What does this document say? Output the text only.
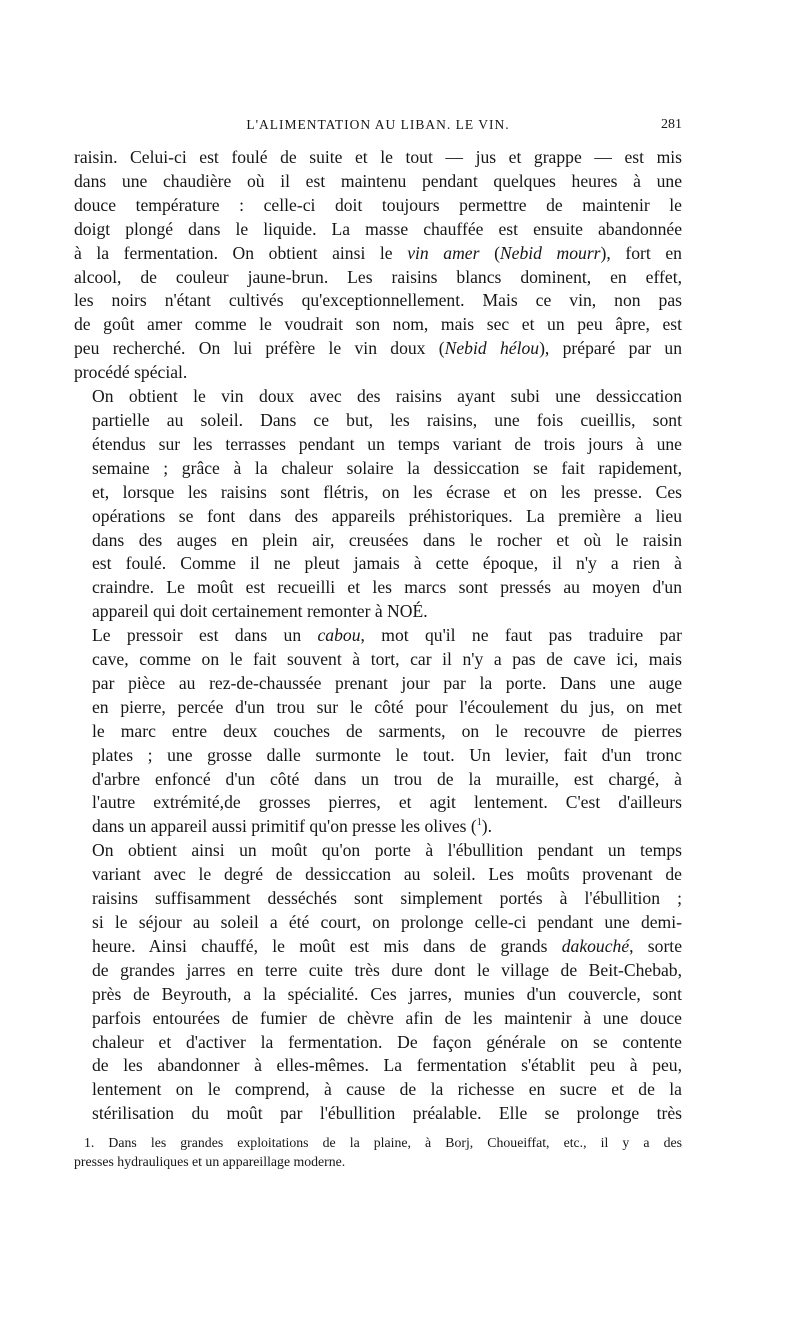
L'ALIMENTATION AU LIBAN. LE VIN.	281

raisin. Celui-ci est foulé de suite et le tout — jus et grappe — est mis
dans une chaudière où il est maintenu pendant quelques heures à une
douce température : celle-ci doit toujours permettre de maintenir le
doigt plongé dans le liquide. La masse chauffée est ensuite abandonnée
à la fermentation. On obtient ainsi le vin amer (Nebid mourr), fort en
alcool, de couleur jaune-brun. Les raisins blancs dominent, en effet,
les noirs n'étant cultivés qu'exceptionnellement. Mais ce vin, non pas
de goût amer comme le voudrait son nom, mais sec et un peu âpre, est
peu recherché. On lui préfère le vin doux (Nebid hélou), préparé par un
procédé spécial.

On obtient le vin doux avec des raisins ayant subi une dessiccation
partielle au soleil. Dans ce but, les raisins, une fois cueillis, sont
étendus sur les terrasses pendant un temps variant de trois jours à une
semaine ; grâce à la chaleur solaire la dessiccation se fait rapidement,
et, lorsque les raisins sont flétris, on les écrase et on les presse. Ces
opérations se font dans des appareils préhistoriques. La première a lieu
dans des auges en plein air, creusées dans le rocher et où le raisin
est foulé. Comme il ne pleut jamais à cette époque, il n'y a rien à
craindre. Le moût est recueilli et les marcs sont pressés au moyen d'un
appareil qui doit certainement remonter à NOÉ.

Le pressoir est dans un cabou, mot qu'il ne faut pas traduire par
cave, comme on le fait souvent à tort, car il n'y a pas de cave ici, mais
par pièce au rez-de-chaussée prenant jour par la porte. Dans une auge
en pierre, percée d'un trou sur le côté pour l'écoulement du jus, on met
le marc entre deux couches de sarments, on le recouvre de pierres
plates ; une grosse dalle surmonte le tout. Un levier, fait d'un tronc
d'arbre enfoncé d'un côté dans un trou de la muraille, est chargé, à
l'autre extrémité,de grosses pierres, et agit lentement. C'est d'ailleurs
dans un appareil aussi primitif qu'on presse les olives ($^1$).

On obtient ainsi un moût qu'on porte à l'ébullition pendant un temps
variant avec le degré de dessiccation au soleil. Les moûts provenant de
raisins suffisamment desséchés sont simplement portés à l'ébullition ;
si le séjour au soleil a été court, on prolonge celle-ci pendant une demi-
heure. Ainsi chauffé, le moût est mis dans de grands dakouché, sorte
de grandes jarres en terre cuite très dure dont le village de Beit-Chebab,
près de Beyrouth, a la spécialité. Ces jarres, munies d'un couvercle, sont
parfois entourées de fumier de chèvre afin de les maintenir à une douce
chaleur et d'activer la fermentation. De façon générale on se contente
de les abandonner à elles-mêmes. La fermentation s'établit peu à peu,
lentement on le comprend, à cause de la richesse en sucre et de la
stérilisation du moût par l'ébullition préalable. Elle se prolonge très

1. Dans les grandes exploitations de la plaine, à Borj, Choueiffat, etc., il y a des
presses hydrauliques et un appareillage moderne.
